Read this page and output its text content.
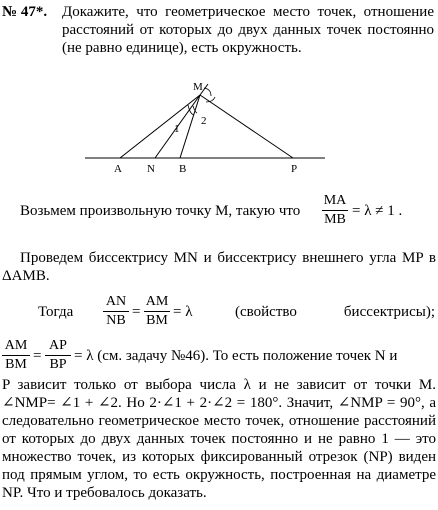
№ 47*. Докажите, что геометрическое место точек, отношение расстояний от которых до двух данных точек постоянно (не равно единице), есть окружность.
M
A N B	P
1
2
Возьмем произвольную точку M, такую что
MA
MB
= λ ≠ 1 .
Проведем биссектрису MN и биссектрису внешнего угла MP в ΔAMB.
Тогда
AN
NB
=
AM
BM
= λ	(свойство биссектрисы);
AM
BM
=
AP
BP
= λ (см. задачу №46). То есть положение точек N и
P зависит только от выбора числа λ и не зависит от точки M. ∠NMP= ∠1 + ∠2. Но 2·∠1 + 2·∠2 = 180°. Значит, ∠NMP = 90°, а следовательно геометрическое место точек, отношение расстояний от которых до двух данных точек постоянно и не равно 1 — это множество точек, из которых фиксированный отрезок (NP) виден под прямым углом, то есть окружность, построенная на диаметре NP. Что и требовалось доказать.
